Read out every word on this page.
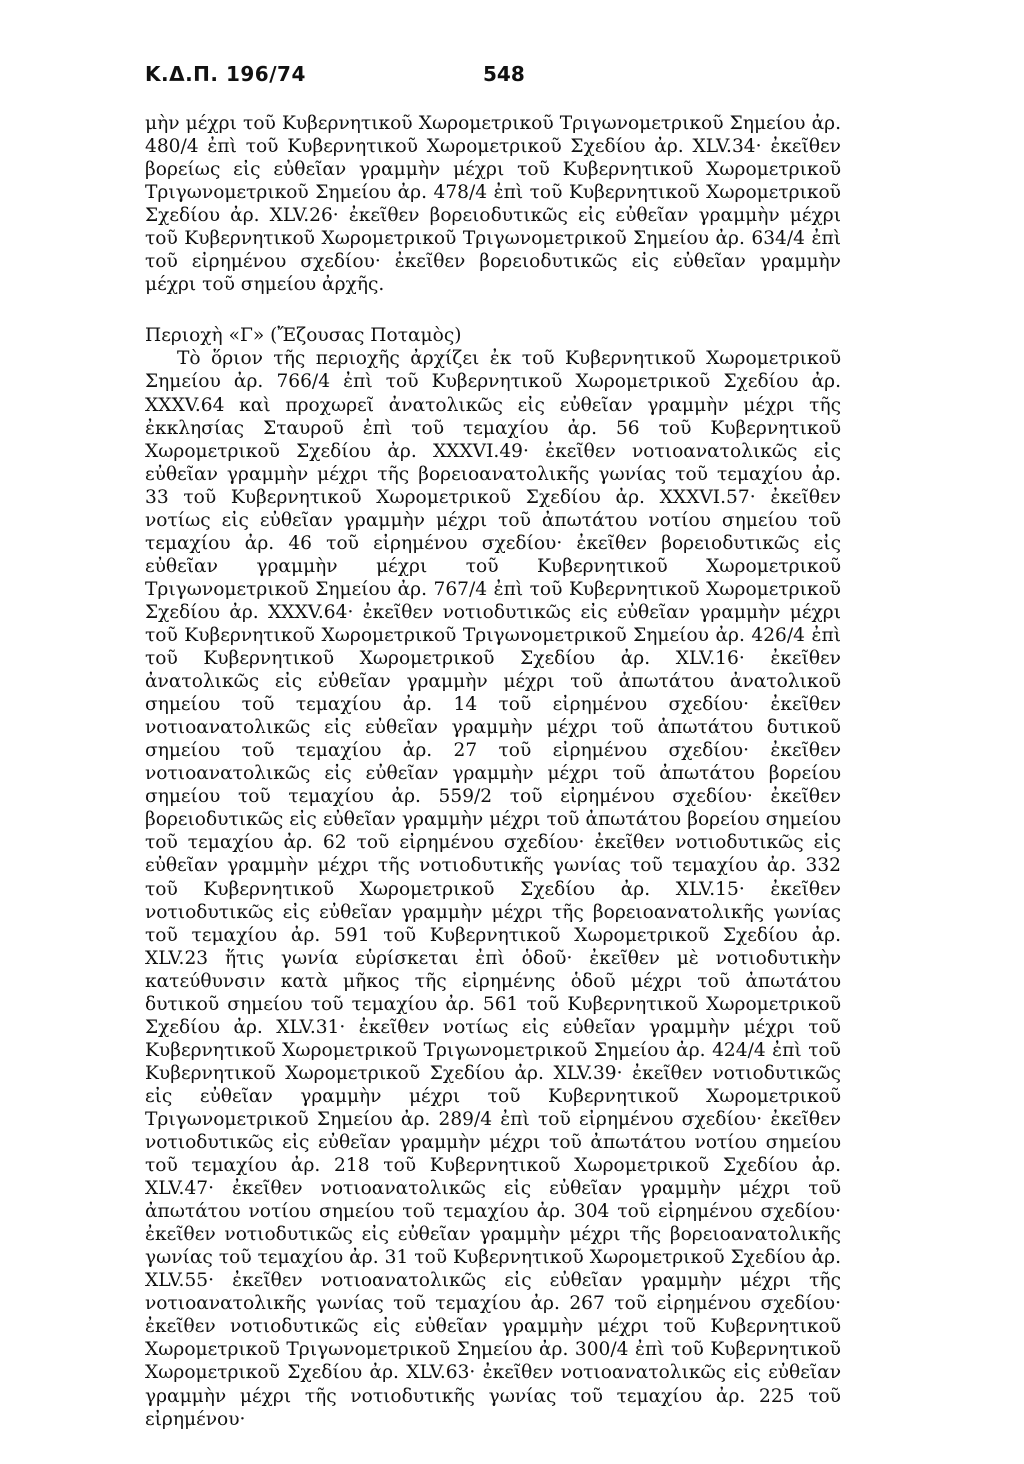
Κ.Δ.Π. 196/74	548

μὴν μέχρι τοῦ Κυβερνητικοῦ Χωρομετρικοῦ Τριγωνομετρικοῦ Σημείου ἀρ. 480/4 ἐπὶ τοῦ Κυβερνητικοῦ Χωρομετρικοῦ Σχεδίου ἀρ. XLV.34· ἐκεῖθεν βορείως εἰς εὐθεῖαν γραμμὴν μέχρι τοῦ Κυβερνητικοῦ Χωρομετρικοῦ Τριγωνομετρικοῦ Σημείου ἀρ. 478/4 ἐπὶ τοῦ Κυβερνητικοῦ Χωρομετρικοῦ Σχεδίου ἀρ. XLV.26· ἐκεῖθεν βορειοδυτικῶς εἰς εὐθεῖαν γραμμὴν μέχρι τοῦ Κυβερνητικοῦ Χωρομετρικοῦ Τριγωνομετρικοῦ Σημείου ἀρ. 634/4 ἐπὶ τοῦ εἰρημένου σχεδίου· ἐκεῖθεν βορειοδυτικῶς εἰς εὐθεῖαν γραμμὴν μέχρι τοῦ σημείου ἀρχῆς.

Περιοχὴ «Γ» (Ἔζουσας Ποταμὸς)

Τὸ ὅριον τῆς περιοχῆς ἀρχίζει ἐκ τοῦ Κυβερνητικοῦ Χωρομετρικοῦ Σημείου ἀρ. 766/4 ἐπὶ τοῦ Κυβερνητικοῦ Χωρομετρικοῦ Σχεδίου ἀρ. XXXV.64 καὶ προχωρεῖ ἀνατολικῶς εἰς εὐθεῖαν γραμμὴν μέχρι τῆς ἐκκλησίας Σταυροῦ ἐπὶ τοῦ τεμαχίου ἀρ. 56 τοῦ Κυβερνητικοῦ Χωρομετρικοῦ Σχεδίου ἀρ. XXXVI.49· ἐκεῖθεν νοτιοανατολικῶς εἰς εὐθεῖαν γραμμὴν μέχρι τῆς βορειοανατολικῆς γωνίας τοῦ τεμαχίου ἀρ. 33 τοῦ Κυβερνητικοῦ Χωρομετρικοῦ Σχεδίου ἀρ. XXXVI.57· ἐκεῖθεν νοτίως εἰς εὐθεῖαν γραμμὴν μέχρι τοῦ ἀπωτάτου νοτίου σημείου τοῦ τεμαχίου ἀρ. 46 τοῦ εἰρημένου σχεδίου· ἐκεῖθεν βορειοδυτικῶς εἰς εὐθεῖαν γραμμὴν μέχρι τοῦ Κυβερνητικοῦ Χωρομετρικοῦ Τριγωνομετρικοῦ Σημείου ἀρ. 767/4 ἐπὶ τοῦ Κυβερνητικοῦ Χωρομετρικοῦ Σχεδίου ἀρ. XXXV.64· ἐκεῖθεν νοτιοδυτικῶς εἰς εὐθεῖαν γραμμὴν μέχρι τοῦ Κυβερνητικοῦ Χωρομετρικοῦ Τριγωνομετρικοῦ Σημείου ἀρ. 426/4 ἐπὶ τοῦ Κυβερνητικοῦ Χωρομετρικοῦ Σχεδίου ἀρ. XLV.16· ἐκεῖθεν ἀνατολικῶς εἰς εὐθεῖαν γραμμὴν μέχρι τοῦ ἀπωτάτου ἀνατολικοῦ σημείου τοῦ τεμαχίου ἀρ. 14 τοῦ εἰρημένου σχεδίου· ἐκεῖθεν νοτιοανατολικῶς εἰς εὐθεῖαν γραμμὴν μέχρι τοῦ ἀπωτάτου δυτικοῦ σημείου τοῦ τεμαχίου ἀρ. 27 τοῦ εἰρημένου σχεδίου· ἐκεῖθεν νοτιοανατολικῶς εἰς εὐθεῖαν γραμμὴν μέχρι τοῦ ἀπωτάτου βορείου σημείου τοῦ τεμαχίου ἀρ. 559/2 τοῦ εἰρημένου σχεδίου· ἐκεῖθεν βορειοδυτικῶς εἰς εὐθεῖαν γραμμὴν μέχρι τοῦ ἀπωτάτου βορείου σημείου τοῦ τεμαχίου ἀρ. 62 τοῦ εἰρημένου σχεδίου· ἐκεῖθεν νοτιοδυτικῶς εἰς εὐθεῖαν γραμμὴν μέχρι τῆς νοτιοδυτικῆς γωνίας τοῦ τεμαχίου ἀρ. 332 τοῦ Κυβερνητικοῦ Χωρομετρικοῦ Σχεδίου ἀρ. XLV.15· ἐκεῖθεν νοτιοδυτικῶς εἰς εὐθεῖαν γραμμὴν μέχρι τῆς βορειοανατολικῆς γωνίας τοῦ τεμαχίου ἀρ. 591 τοῦ Κυβερνητικοῦ Χωρομετρικοῦ Σχεδίου ἀρ. XLV.23 ἥτις γωνία εὑρίσκεται ἐπὶ ὁδοῦ· ἐκεῖθεν μὲ νοτιοδυτικὴν κατεύθυνσιν κατὰ μῆκος τῆς εἰρημένης ὁδοῦ μέχρι τοῦ ἀπωτάτου δυτικοῦ σημείου τοῦ τεμαχίου ἀρ. 561 τοῦ Κυβερνητικοῦ Χωρομετρικοῦ Σχεδίου ἀρ. XLV.31· ἐκεῖθεν νοτίως εἰς εὐθεῖαν γραμμὴν μέχρι τοῦ Κυβερνητικοῦ Χωρομετρικοῦ Τριγωνομετρικοῦ Σημείου ἀρ. 424/4 ἐπὶ τοῦ Κυβερνητικοῦ Χωρομετρικοῦ Σχεδίου ἀρ. XLV.39· ἐκεῖθεν νοτιοδυτικῶς εἰς εὐθεῖαν γραμμὴν μέχρι τοῦ Κυβερνητικοῦ Χωρομετρικοῦ Τριγωνομετρικοῦ Σημείου ἀρ. 289/4 ἐπὶ τοῦ εἰρημένου σχεδίου· ἐκεῖθεν νοτιοδυτικῶς εἰς εὐθεῖαν γραμμὴν μέχρι τοῦ ἀπωτάτου νοτίου σημείου τοῦ τεμαχίου ἀρ. 218 τοῦ Κυβερνητικοῦ Χωρομετρικοῦ Σχεδίου ἀρ. XLV.47· ἐκεῖθεν νοτιοανατολικῶς εἰς εὐθεῖαν γραμμὴν μέχρι τοῦ ἀπωτάτου νοτίου σημείου τοῦ τεμαχίου ἀρ. 304 τοῦ εἰρημένου σχεδίου· ἐκεῖθεν νοτιοδυτικῶς εἰς εὐθεῖαν γραμμὴν μέχρι τῆς βορειοανατολικῆς γωνίας τοῦ τεμαχίου ἀρ. 31 τοῦ Κυβερνητικοῦ Χωρομετρικοῦ Σχεδίου ἀρ. XLV.55· ἐκεῖθεν νοτιοανατολικῶς εἰς εὐθεῖαν γραμμὴν μέχρι τῆς νοτιοανατολικῆς γωνίας τοῦ τεμαχίου ἀρ. 267 τοῦ εἰρημένου σχεδίου· ἐκεῖθεν νοτιοδυτικῶς εἰς εὐθεῖαν γραμμὴν μέχρι τοῦ Κυβερνητικοῦ Χωρομετρικοῦ Τριγωνομετρικοῦ Σημείου ἀρ. 300/4 ἐπὶ τοῦ Κυβερνητικοῦ Χωρομετρικοῦ Σχεδίου ἀρ. XLV.63· ἐκεῖθεν νοτιοανατολικῶς εἰς εὐθεῖαν γραμμὴν μέχρι τῆς νοτιοδυτικῆς γωνίας τοῦ τεμαχίου ἀρ. 225 τοῦ εἰρημένου·
